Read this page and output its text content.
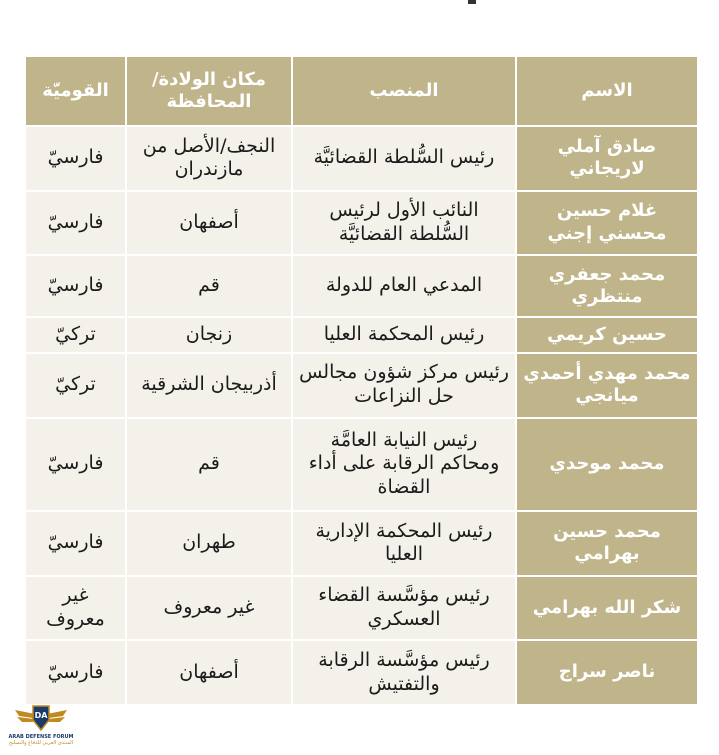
الاسم	المنصب	مكان الولادة/المحافظة	القوميّة
صادق آملي لاريجاني	رئيس السُّلطة القضائيَّة	النجف/الأصل من مازندران	فارسيّ
غلام حسين محسني إجني	النائب الأول لرئيس السُّلطة القضائيَّة	أصفهان	فارسيّ
محمد جعفري منتظري	المدعي العام للدولة	قم	فارسيّ
حسين كريمي	رئيس المحكمة العليا	زنجان	تركيّ
محمد مهدي أحمدي ميانجي	رئيس مركز شؤون مجالس حل النزاعات	أذربيجان الشرقية	تركيّ
محمد موحدي	رئيس النيابة العامَّة ومحاكم الرقابة على أداء القضاة	قم	فارسيّ
محمد حسين بهرامي	رئيس المحكمة الإدارية العليا	طهران	فارسيّ
شكر الله بهرامي	رئيس مؤسَّسة القضاء العسكري	غير معروف	غير معروف
ناصر سراج	رئيس مؤسَّسة الرقابة والتفتيش	أصفهان	فارسيّ
DA
ARAB DEFENSE FORUM
المنتدى العربي للدفاع والتسليح
